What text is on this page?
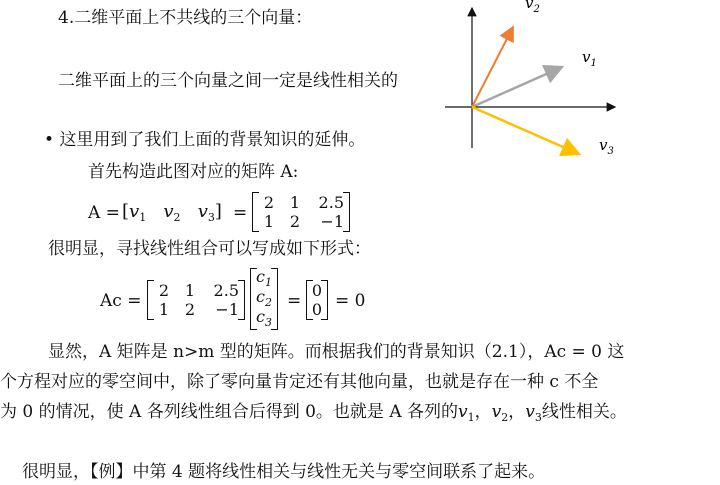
4.二维平面上不共线的三个向量：
二维平面上的三个向量之间一定是线性相关的
• 这里用到了我们上面的背景知识的延伸。
首先构造此图对应的矩阵 A:
$A = [v_1$ $v_2$ $v_3$] =
2 1	2.5
1 2	−1
很明显，寻找线性组合可以写成如下形式：
Ac =
2 1	2.5
1 2	−1
$c_1$
$c_2$
$c_3$
=
0
0 = 0
显然，A 矩阵是 n>m 型的矩阵。而根据我们的背景知识（2.1），Ac = 0 这
个方程对应的零空间中，除了零向量肯定还有其他向量，也就是存在一种 c 不全
为 0 的情况，使 A 各列线性组合后得到 0。也就是 A 各列的$v_1$，$v_2$，$v_3$线性相关。
很明显，【例】中第 4 题将线性相关与线性无关与零空间联系了起来。
$v_1$
$v_2$
$v_3$
